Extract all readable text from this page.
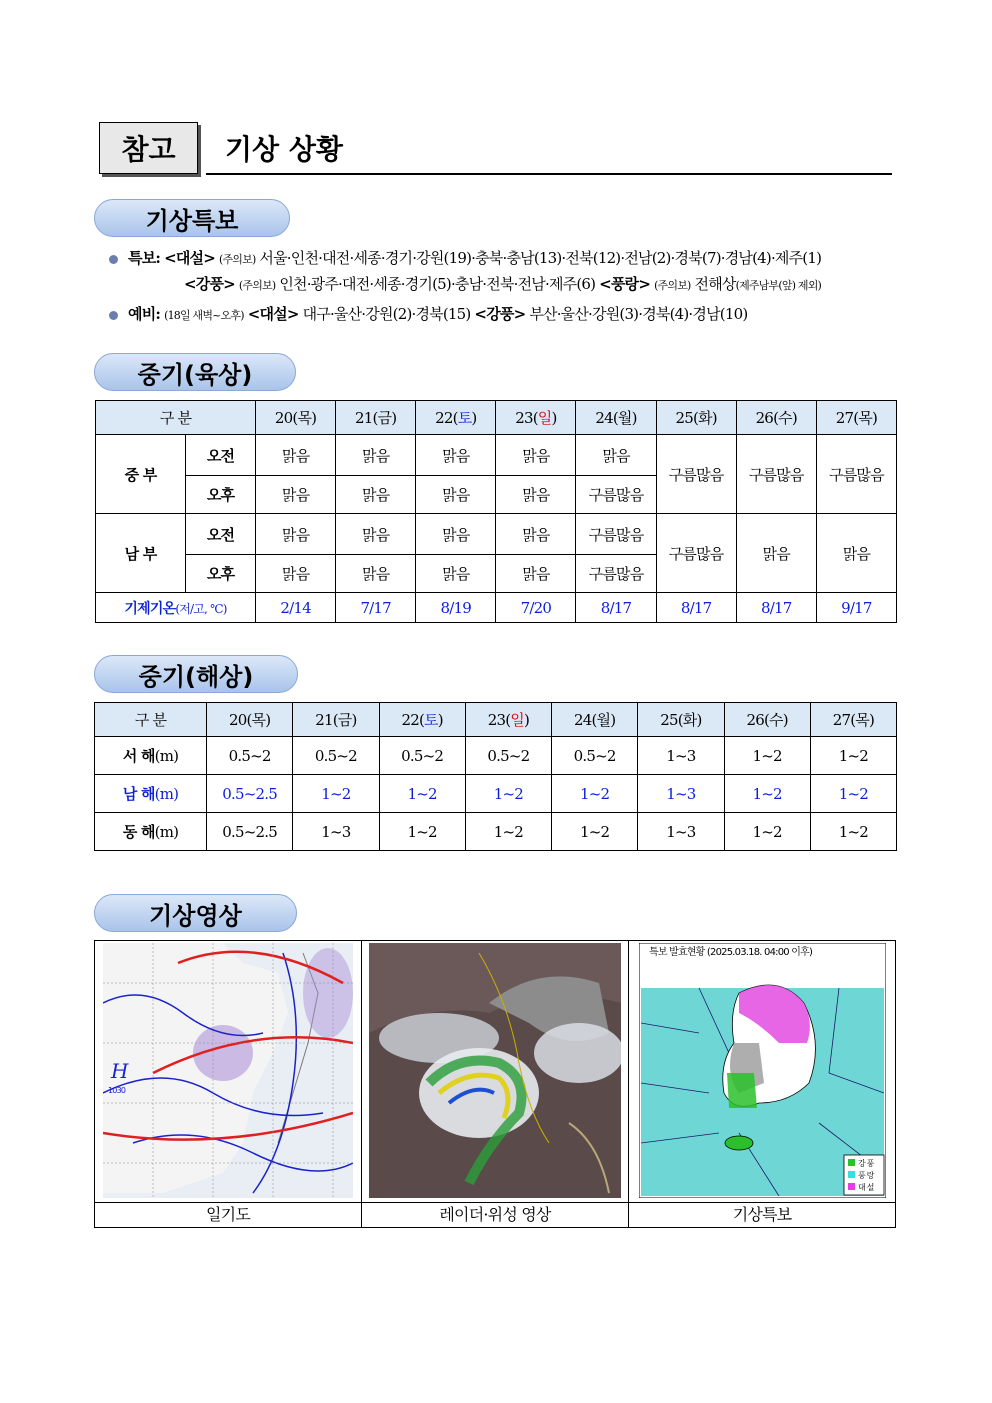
참고	기상 상황
기상특보
특보: <대설> (주의보) 서울·인천·대전·세종·경기·강원(19)·충북·충남(13)·전북(12)·전남(2)·경북(7)·경남(4)·제주(1)
<강풍> (주의보) 인천·광주·대전·세종·경기(5)·충남·전북·전남·제주(6) <풍랑> (주의보) 전해상(제주남부(앞) 제외)
예비: (18일 새벽~오후) <대설> 대구·울산·강원(2)·경북(15) <강풍> 부산·울산·강원(3)·경북(4)·경남(10)
중기(육상)
구 분		20(목)	21(금)	22(토)	23(일)	24(월)	25(화)	26(수)	27(목)
중 부	오전	맑음	맑음	맑음	맑음	맑음	구름많음	구름많음	구름많음
	오후	맑음	맑음	맑음	맑음	구름많음			
남 부	오전	맑음	맑음	맑음	맑음	구름많음	구름많음	맑음	맑음
	오후	맑음	맑음	맑음	맑음	구름많음			
기제기온(저/고, ℃)		2/14	7/17	8/19	7/20	8/17	8/17	8/17	9/17
중기(해상)
구 분	20(목)	21(금)	22(토)	23(일)	24(월)	25(화)	26(수)	27(목)
서 해(m)	0.5~2	0.5~2	0.5~2	0.5~2	0.5~2	1~3	1~2	1~2
남 해(m)	0.5~2.5	1~2	1~2	1~2	1~2	1~3	1~2	1~2
동 해(m)	0.5~2.5	1~3	1~2	1~2	1~2	1~3	1~2	1~2
기상영상
H
1030		특보 발효현황 (2025.03.18. 04:00 이후)
강 풍
풍 랑
대 설

일기도	레이더·위성 영상	기상특보
